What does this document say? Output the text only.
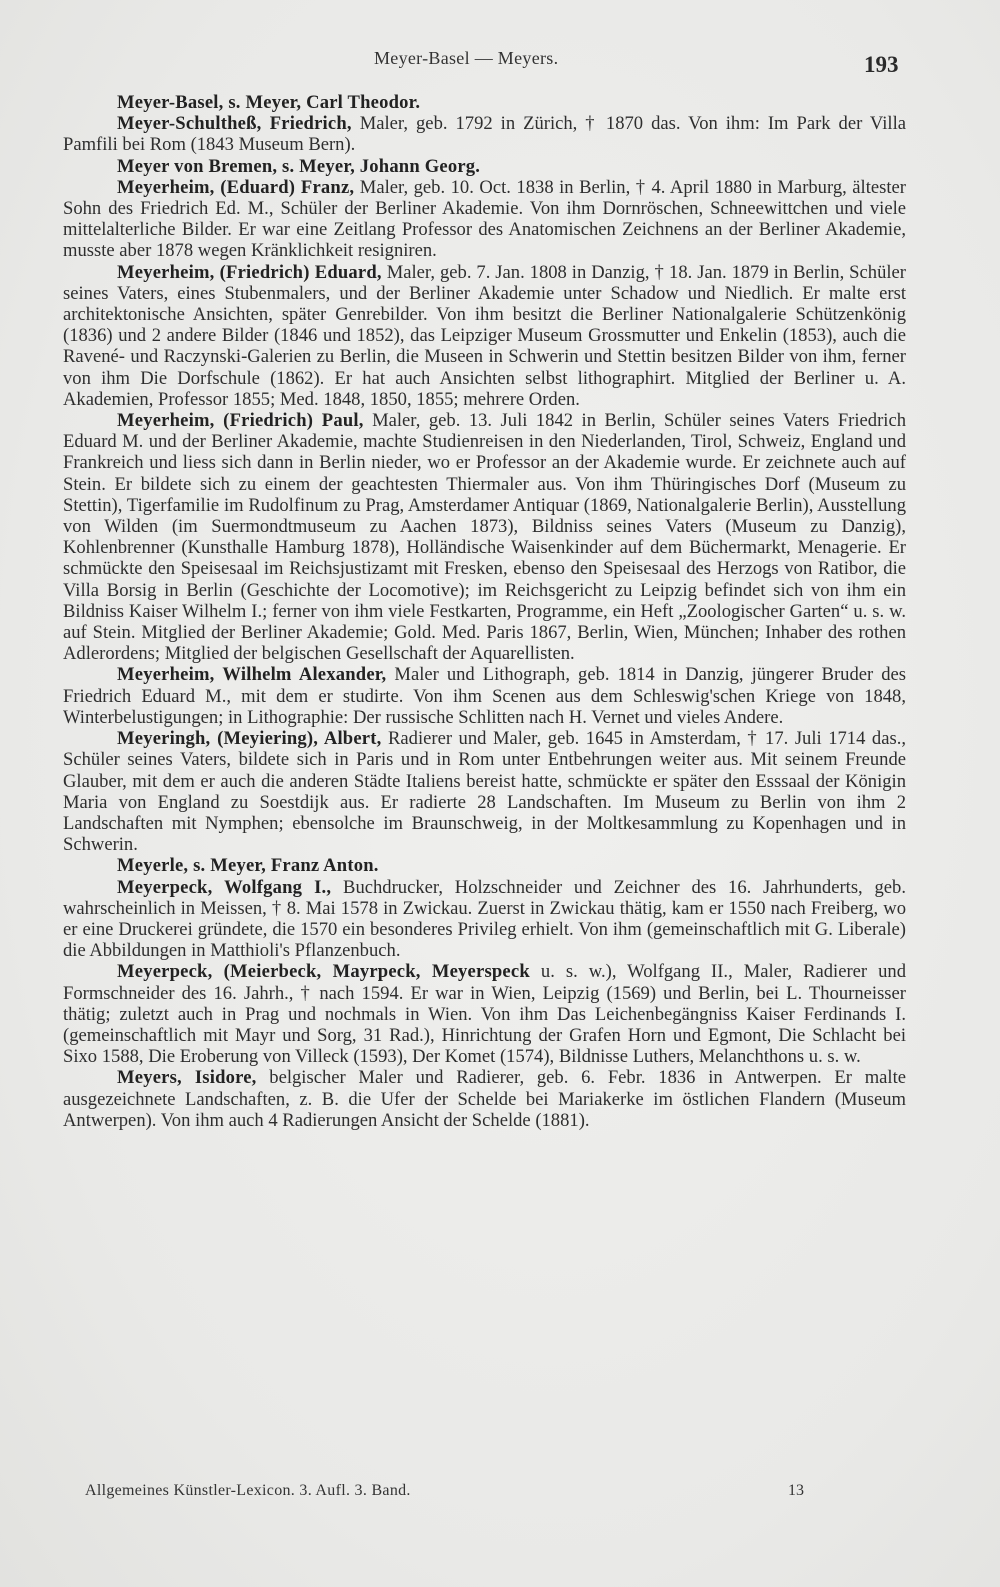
Meyer-Basel — Meyers.	193

Meyer-Basel, s. Meyer, Carl Theodor.

Meyer-Schultheß, Friedrich, Maler, geb. 1792 in Zürich, † 1870 das. Von ihm: Im Park der Villa Pamfili bei Rom (1843 Museum Bern).

Meyer von Bremen, s. Meyer, Johann Georg.

Meyerheim, (Eduard) Franz, Maler, geb. 10. Oct. 1838 in Berlin, † 4. April 1880 in Marburg, ältester Sohn des Friedrich Ed. M., Schüler der Berliner Akademie. Von ihm Dornröschen, Schneewittchen und viele mittelalterliche Bilder. Er war eine Zeitlang Professor des Anatomischen Zeichnens an der Berliner Akademie, musste aber 1878 wegen Kränklichkeit resigniren.

Meyerheim, (Friedrich) Eduard, Maler, geb. 7. Jan. 1808 in Danzig, † 18. Jan. 1879 in Berlin, Schüler seines Vaters, eines Stubenmalers, und der Berliner Akademie unter Schadow und Niedlich. Er malte erst architektonische Ansichten, später Genrebilder. Von ihm besitzt die Berliner Nationalgalerie Schützenkönig (1836) und 2 andere Bilder (1846 und 1852), das Leipziger Museum Grossmutter und Enkelin (1853), auch die Ravené- und Raczynski-Galerien zu Berlin, die Museen in Schwerin und Stettin besitzen Bilder von ihm, ferner von ihm Die Dorfschule (1862). Er hat auch Ansichten selbst lithographirt. Mitglied der Berliner u. A. Akademien, Professor 1855; Med. 1848, 1850, 1855; mehrere Orden.

Meyerheim, (Friedrich) Paul, Maler, geb. 13. Juli 1842 in Berlin, Schüler seines Vaters Friedrich Eduard M. und der Berliner Akademie, machte Studienreisen in den Niederlanden, Tirol, Schweiz, England und Frankreich und liess sich dann in Berlin nieder, wo er Professor an der Akademie wurde. Er zeichnete auch auf Stein. Er bildete sich zu einem der geachtesten Thiermaler aus. Von ihm Thüringisches Dorf (Museum zu Stettin), Tigerfamilie im Rudolfinum zu Prag, Amsterdamer Antiquar (1869, Nationalgalerie Berlin), Ausstellung von Wilden (im Suermondtmuseum zu Aachen 1873), Bildniss seines Vaters (Museum zu Danzig), Kohlenbrenner (Kunsthalle Hamburg 1878), Holländische Waisenkinder auf dem Büchermarkt, Menagerie. Er schmückte den Speisesaal im Reichsjustizamt mit Fresken, ebenso den Speisesaal des Herzogs von Ratibor, die Villa Borsig in Berlin (Geschichte der Locomotive); im Reichsgericht zu Leipzig befindet sich von ihm ein Bildniss Kaiser Wilhelm I.; ferner von ihm viele Festkarten, Programme, ein Heft „Zoologischer Garten“ u. s. w. auf Stein. Mitglied der Berliner Akademie; Gold. Med. Paris 1867, Berlin, Wien, München; Inhaber des rothen Adlerordens; Mitglied der belgischen Gesellschaft der Aquarellisten.

Meyerheim, Wilhelm Alexander, Maler und Lithograph, geb. 1814 in Danzig, jüngerer Bruder des Friedrich Eduard M., mit dem er studirte. Von ihm Scenen aus dem Schleswig'schen Kriege von 1848, Winterbelustigungen; in Lithographie: Der russische Schlitten nach H. Vernet und vieles Andere.

Meyeringh, (Meyiering), Albert, Radierer und Maler, geb. 1645 in Amsterdam, † 17. Juli 1714 das., Schüler seines Vaters, bildete sich in Paris und in Rom unter Entbehrungen weiter aus. Mit seinem Freunde Glauber, mit dem er auch die anderen Städte Italiens bereist hatte, schmückte er später den Esssaal der Königin Maria von England zu Soestdijk aus. Er radierte 28 Landschaften. Im Museum zu Berlin von ihm 2 Landschaften mit Nymphen; ebensolche im Braunschweig, in der Moltkesammlung zu Kopenhagen und in Schwerin.

Meyerle, s. Meyer, Franz Anton.

Meyerpeck, Wolfgang I., Buchdrucker, Holzschneider und Zeichner des 16. Jahrhunderts, geb. wahrscheinlich in Meissen, † 8. Mai 1578 in Zwickau. Zuerst in Zwickau thätig, kam er 1550 nach Freiberg, wo er eine Druckerei gründete, die 1570 ein besonderes Privileg erhielt. Von ihm (gemeinschaftlich mit G. Liberale) die Abbildungen in Matthioli's Pflanzenbuch.

Meyerpeck, (Meierbeck, Mayrpeck, Meyerspeck u. s. w.), Wolfgang II., Maler, Radierer und Formschneider des 16. Jahrh., † nach 1594. Er war in Wien, Leipzig (1569) und Berlin, bei L. Thourneisser thätig; zuletzt auch in Prag und nochmals in Wien. Von ihm Das Leichenbegängniss Kaiser Ferdinands I. (gemeinschaftlich mit Mayr und Sorg, 31 Rad.), Hinrichtung der Grafen Horn und Egmont, Die Schlacht bei Sixo 1588, Die Eroberung von Villeck (1593), Der Komet (1574), Bildnisse Luthers, Melanchthons u. s. w.

Meyers, Isidore, belgischer Maler und Radierer, geb. 6. Febr. 1836 in Antwerpen. Er malte ausgezeichnete Landschaften, z. B. die Ufer der Schelde bei Mariakerke im östlichen Flandern (Museum Antwerpen). Von ihm auch 4 Radierungen Ansicht der Schelde (1881).

Allgemeines Künstler-Lexicon. 3. Aufl. 3. Band.	13
